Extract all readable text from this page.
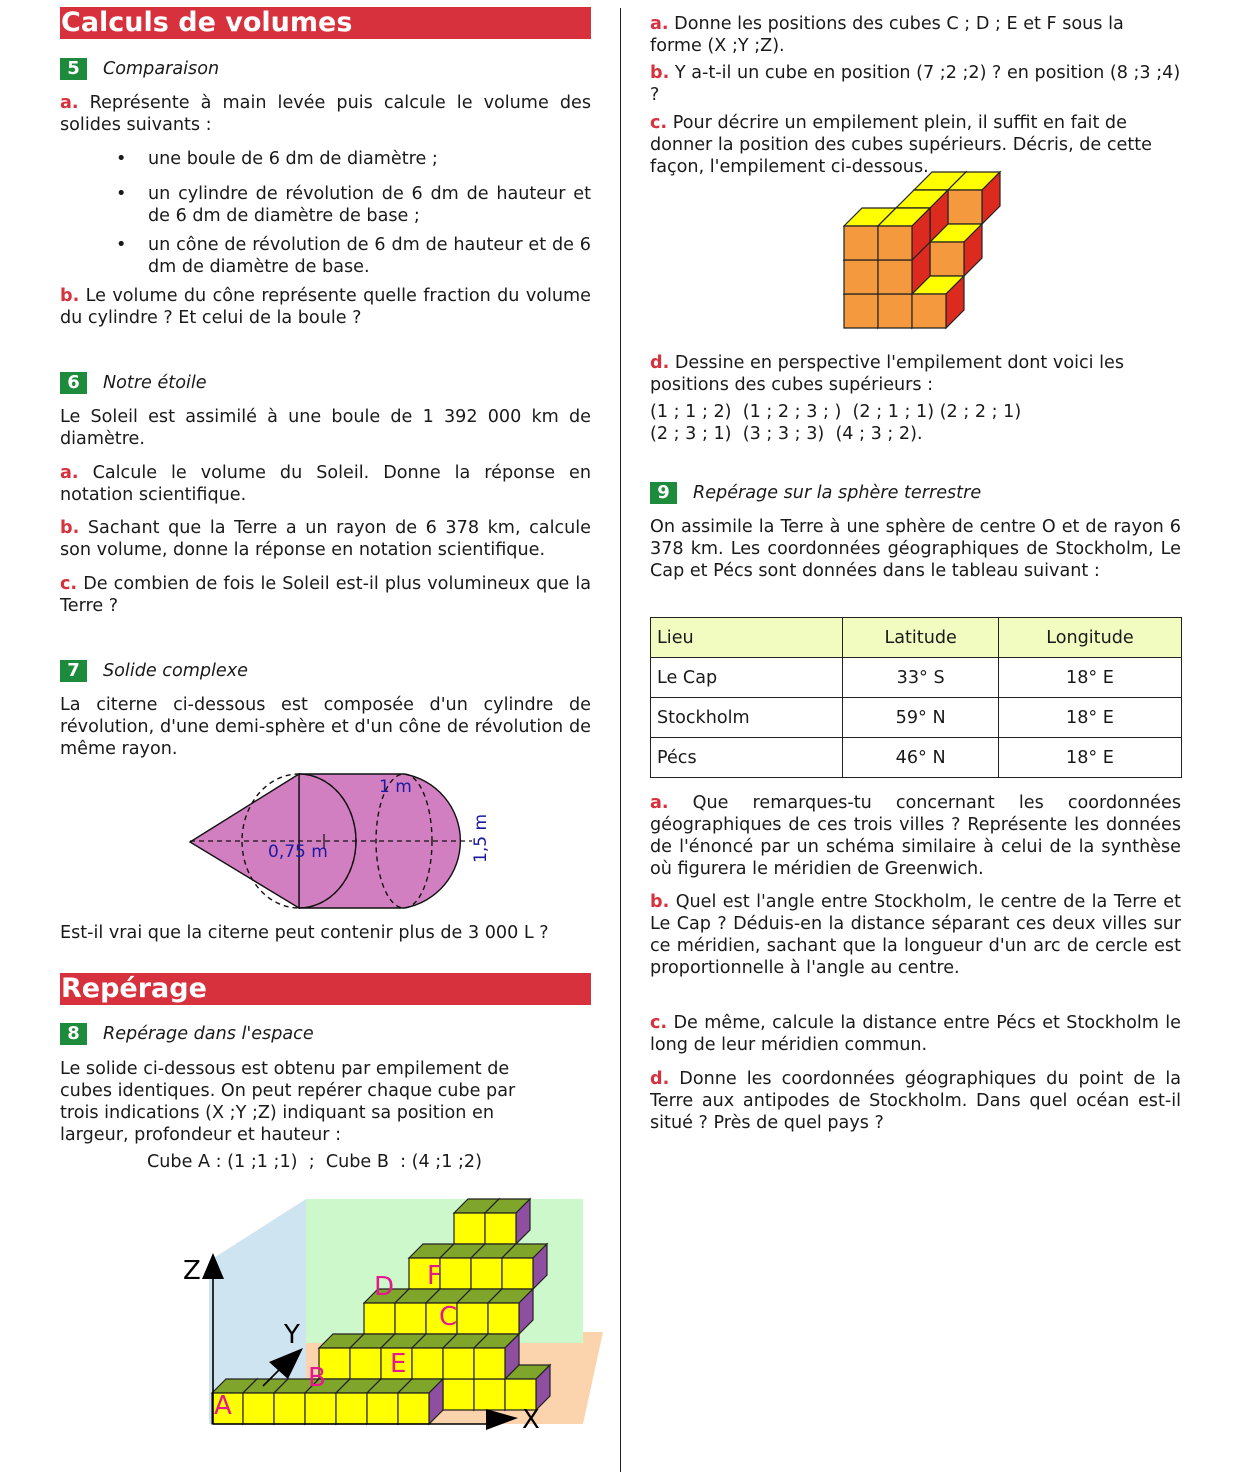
Calculs de volumes
5	Comparaison

a. Représente à main levée puis calcule le volume des solides suivants :

• une boule de 6 dm de diamètre ;

• un cylindre de révolution de 6 dm de hauteur et de 6 dm de diamètre de base ;

• un cône de révolution de 6 dm de hauteur et de 6 dm de diamètre de base.

b. Le volume du cône représente quelle fraction du volume du cylindre ? Et celui de la boule ?

6	Notre étoile

Le Soleil est assimilé à une boule de 1 392 000 km de diamètre.

a. Calcule le volume du Soleil. Donne la réponse en notation scientifique.

b. Sachant que la Terre a un rayon de 6 378 km, calcule son volume, donne la réponse en notation scientifique.

c. De combien de fois le Soleil est-il plus volumineux que la Terre ?

7	Solide complexe

La citerne ci-dessous est composée d'un cylindre de révolution, d'une demi-sphère et d'un cône de révolution de même rayon.

1 m
0,75 m	1,5 m

Est-il vrai que la citerne peut contenir plus de 3 000 L ?

Repérage
8	Repérage dans l'espace

Le solide ci-dessous est obtenu par empilement de cubes identiques. On peut repérer chaque cube par trois indications (X ;Y ;Z) indiquant sa position en largeur, profondeur et hauteur :

Cube A : (1 ;1 ;1)  ;  Cube B  : (4 ;1 ;2)

Z
Y
X
A
B
C
D
E
F

a. Donne les positions des cubes C ; D ; E et F sous la forme (X ;Y ;Z).

b. Y a-t-il un cube en position (7 ;2 ;2) ? en position (8 ;3 ;4) ?

c. Pour décrire un empilement plein, il suffit en fait de donner la position des cubes supérieurs. Décris, de cette façon, l'empilement ci-dessous.

d. Dessine en perspective l'empilement dont voici les positions des cubes supérieurs :

(1 ; 1 ; 2)  (1 ; 2 ; 3 ; )  (2 ; 1 ; 1) (2 ; 2 ; 1)

(2 ; 3 ; 1)  (3 ; 3 ; 3)  (4 ; 3 ; 2).

9	Repérage sur la sphère terrestre

On assimile la Terre à une sphère de centre O et de rayon 6 378 km. Les coordonnées géographiques de Stockholm, Le Cap et Pécs sont données dans le tableau suivant :

Lieu	Latitude	Longitude
Le Cap	33° S	18° E
Stockholm	59° N	18° E
Pécs	46° N	18° E

a. Que remarques-tu concernant les coordonnées géographiques de ces trois villes ? Représente les données de l'énoncé par un schéma similaire à celui de la synthèse où figurera le méridien de Greenwich.

b. Quel est l'angle entre Stockholm, le centre de la Terre et Le Cap ? Déduis-en la distance séparant ces deux villes sur ce méridien, sachant que la longueur d'un arc de cercle est proportionnelle à l'angle au centre.

c. De même, calcule la distance entre Pécs et Stockholm le long de leur méridien commun.

d. Donne les coordonnées géographiques du point de la Terre aux antipodes de Stockholm. Dans quel océan est-il situé ? Près de quel pays ?
